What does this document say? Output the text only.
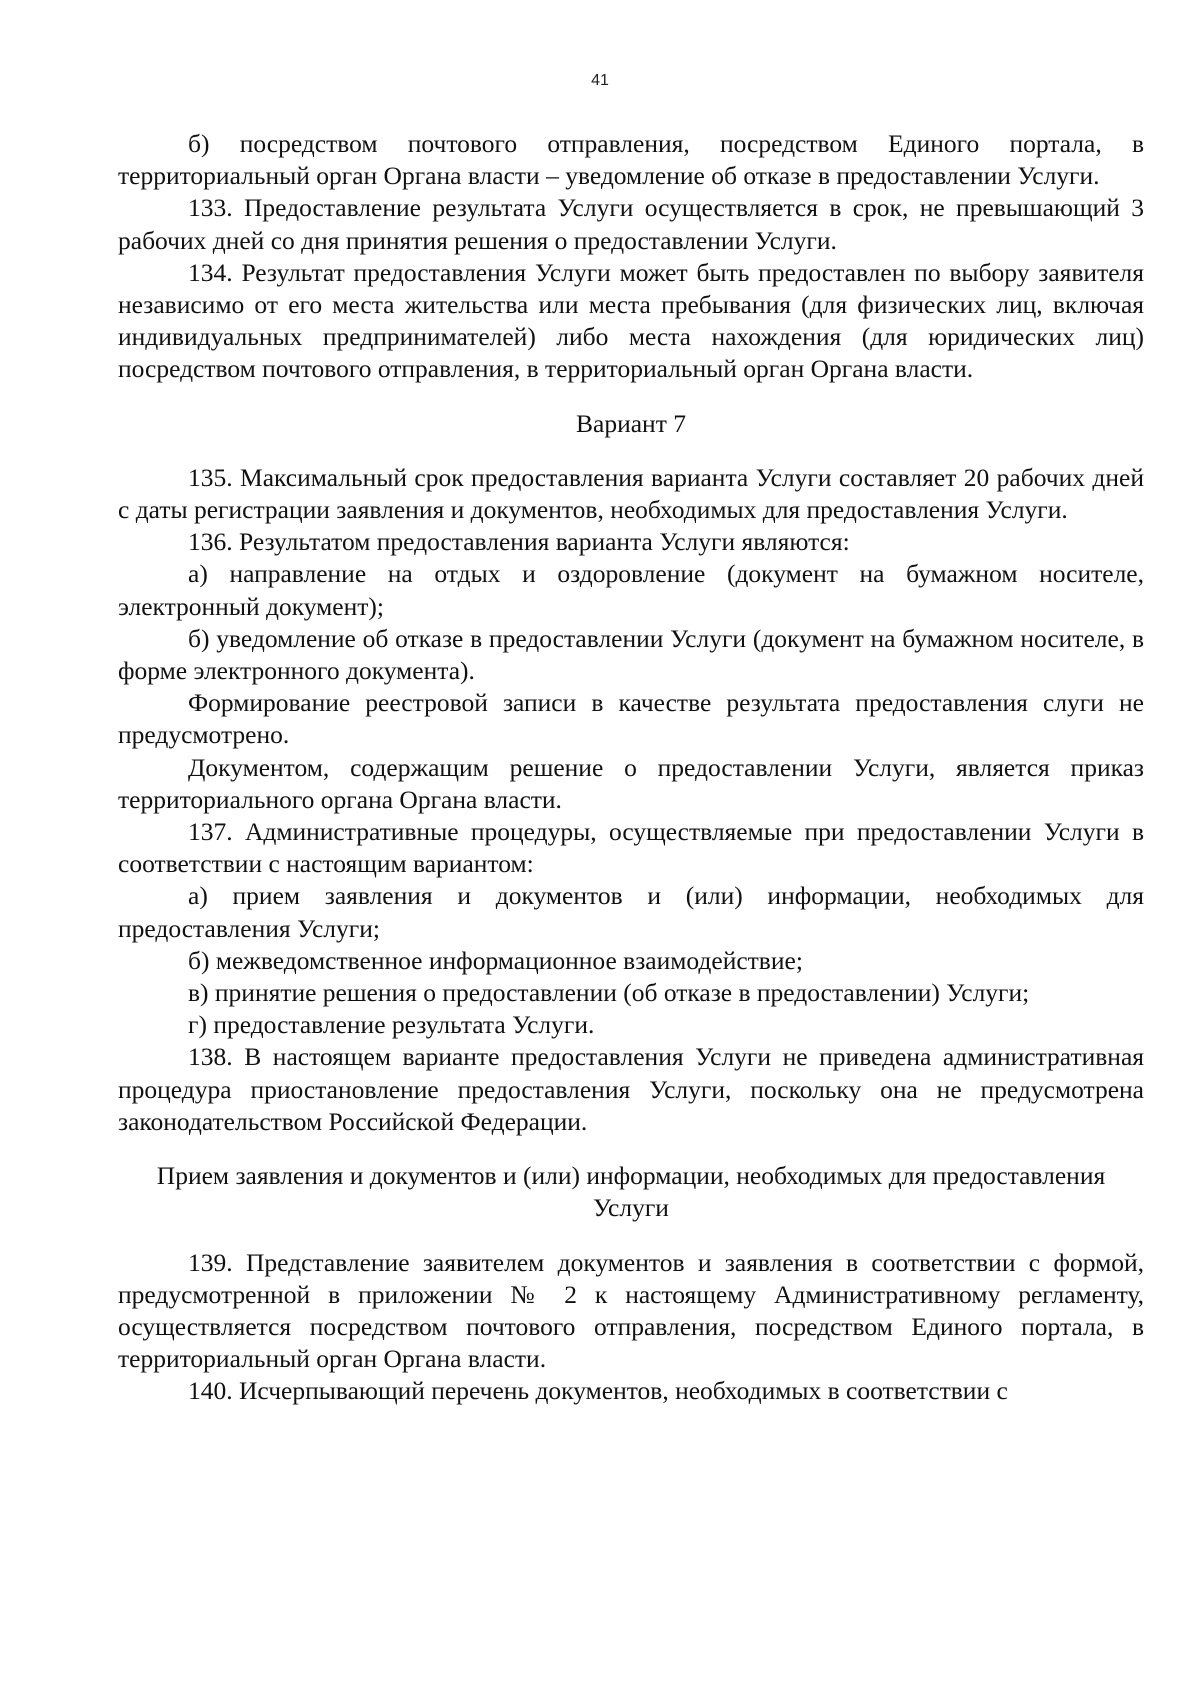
41

б) посредством почтового отправления, посредством Единого портала, в территориальный орган Органа власти – уведомление об отказе в предоставлении Услуги.

133. Предоставление результата Услуги осуществляется в срок, не превышающий 3 рабочих дней со дня принятия решения о предоставлении Услуги.

134. Результат предоставления Услуги может быть предоставлен по выбору заявителя независимо от его места жительства или места пребывания (для физических лиц, включая индивидуальных предпринимателей) либо места нахождения (для юридических лиц) посредством почтового отправления, в территориальный орган Органа власти.

Вариант 7

135. Максимальный срок предоставления варианта Услуги составляет 20 рабочих дней с даты регистрации заявления и документов, необходимых для предоставления Услуги.

136. Результатом предоставления варианта Услуги являются:

а) направление на отдых и оздоровление (документ на бумажном носителе, электронный документ);

б) уведомление об отказе в предоставлении Услуги (документ на бумажном носителе, в форме электронного документа).

Формирование реестровой записи в качестве результата предоставления слуги не предусмотрено.

Документом, содержащим решение о предоставлении Услуги, является приказ территориального органа Органа власти.

137. Административные процедуры, осуществляемые при предоставлении Услуги в соответствии с настоящим вариантом:

а) прием заявления и документов и (или) информации, необходимых для предоставления Услуги;

б) межведомственное информационное взаимодействие;

в) принятие решения о предоставлении (об отказе в предоставлении) Услуги;

г) предоставление результата Услуги.

138. В настоящем варианте предоставления Услуги не приведена административная процедура приостановление предоставления Услуги, поскольку она не предусмотрена законодательством Российской Федерации.

Прием заявления и документов и (или) информации, необходимых для предоставления Услуги

139. Представление заявителем документов и заявления в соответствии с формой, предусмотренной в приложении № 2 к настоящему Административному регламенту, осуществляется посредством почтового отправления, посредством Единого портала, в территориальный орган Органа власти.

140. Исчерпывающий перечень документов, необходимых в соответствии с
